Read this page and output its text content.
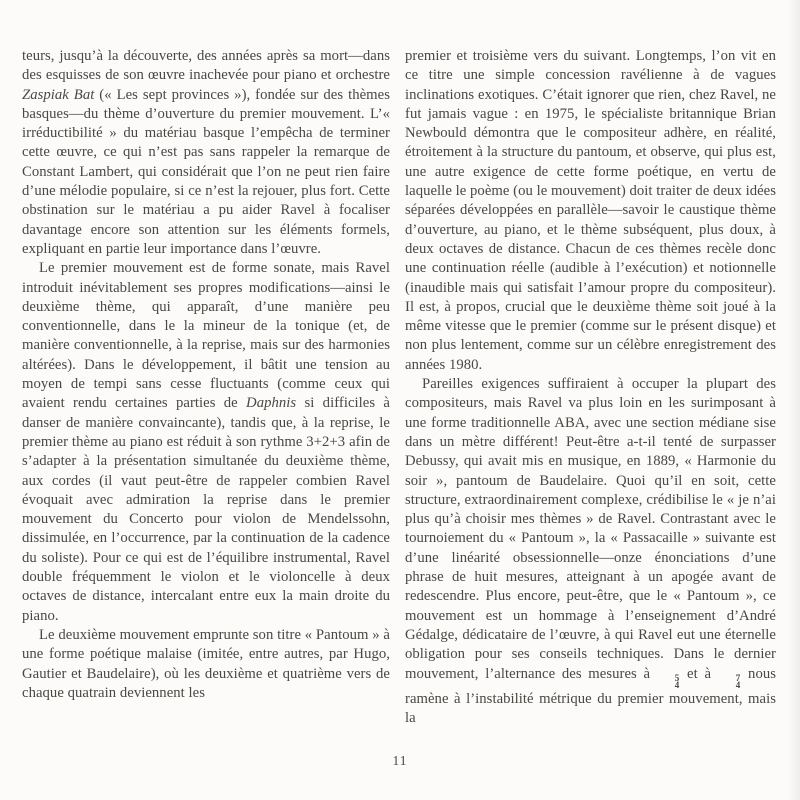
teurs, jusqu’à la découverte, des années après sa mort—dans des esquisses de son œuvre inachevée pour piano et orchestre Zaspiak Bat (« Les sept provinces »), fondée sur des thèmes basques—du thème d’ouverture du premier mouvement. L’« irréductibilité » du matériau basque l’empêcha de terminer cette œuvre, ce qui n’est pas sans rappeler la remarque de Constant Lambert, qui considérait que l’on ne peut rien faire d’une mélodie populaire, si ce n’est la rejouer, plus fort. Cette obstination sur le matériau a pu aider Ravel à focaliser davantage encore son attention sur les éléments formels, expliquant en partie leur importance dans l’œuvre.

Le premier mouvement est de forme sonate, mais Ravel introduit inévitablement ses propres modifications—ainsi le deuxième thème, qui apparaît, d’une manière peu conventionnelle, dans le la mineur de la tonique (et, de manière conventionnelle, à la reprise, mais sur des harmonies altérées). Dans le développement, il bâtit une tension au moyen de tempi sans cesse fluctuants (comme ceux qui avaient rendu certaines parties de Daphnis si difficiles à danser de manière convaincante), tandis que, à la reprise, le premier thème au piano est réduit à son rythme 3+2+3 afin de s’adapter à la présentation simultanée du deuxième thème, aux cordes (il vaut peut-être de rappeler combien Ravel évoquait avec admiration la reprise dans le premier mouvement du Concerto pour violon de Mendelssohn, dissimulée, en l’occurrence, par la continuation de la cadence du soliste). Pour ce qui est de l’équilibre instrumental, Ravel double fréquemment le violon et le violoncelle à deux octaves de distance, intercalant entre eux la main droite du piano.

Le deuxième mouvement emprunte son titre « Pantoum » à une forme poétique malaise (imitée, entre autres, par Hugo, Gautier et Baudelaire), où les deuxième et quatrième vers de chaque quatrain deviennent les

premier et troisième vers du suivant. Longtemps, l’on vit en ce titre une simple concession ravélienne à de vagues inclinations exotiques. C’était ignorer que rien, chez Ravel, ne fut jamais vague : en 1975, le spécialiste britannique Brian Newbould démontra que le compositeur adhère, en réalité, étroitement à la structure du pantoum, et observe, qui plus est, une autre exigence de cette forme poétique, en vertu de laquelle le poème (ou le mouvement) doit traiter de deux idées séparées développées en parallèle—savoir le caustique thème d’ouverture, au piano, et le thème subséquent, plus doux, à deux octaves de distance. Chacun de ces thèmes recèle donc une continuation réelle (audible à l’exécution) et notionnelle (inaudible mais qui satisfait l’amour propre du compositeur). Il est, à propos, crucial que le deuxième thème soit joué à la même vitesse que le premier (comme sur le présent disque) et non plus lentement, comme sur un célèbre enregistrement des années 1980.

Pareilles exigences suffiraient à occuper la plupart des compositeurs, mais Ravel va plus loin en les surimposant à une forme traditionnelle ABA, avec une section médiane sise dans un mètre différent! Peut-être a-t-il tenté de surpasser Debussy, qui avait mis en musique, en 1889, « Harmonie du soir », pantoum de Baudelaire. Quoi qu’il en soit, cette structure, extraordinairement complexe, crédibilise le « je n’ai plus qu’à choisir mes thèmes » de Ravel. Contrastant avec le tournoiement du « Pantoum », la « Passacaille » suivante est d’une linéarité obsessionnelle—onze énonciations d’une phrase de huit mesures, atteignant à un apogée avant de redescendre. Plus encore, peut-être, que le « Pantoum », ce mouvement est un hommage à l’enseignement d’André Gédalge, dédicataire de l’œuvre, à qui Ravel eut une éternelle obligation pour ses conseils techniques. Dans le dernier mouvement, l’alternance des mesures à	5
4
et à	7
4
nous ramène à l’instabilité métrique du premier mouvement, mais la

11
